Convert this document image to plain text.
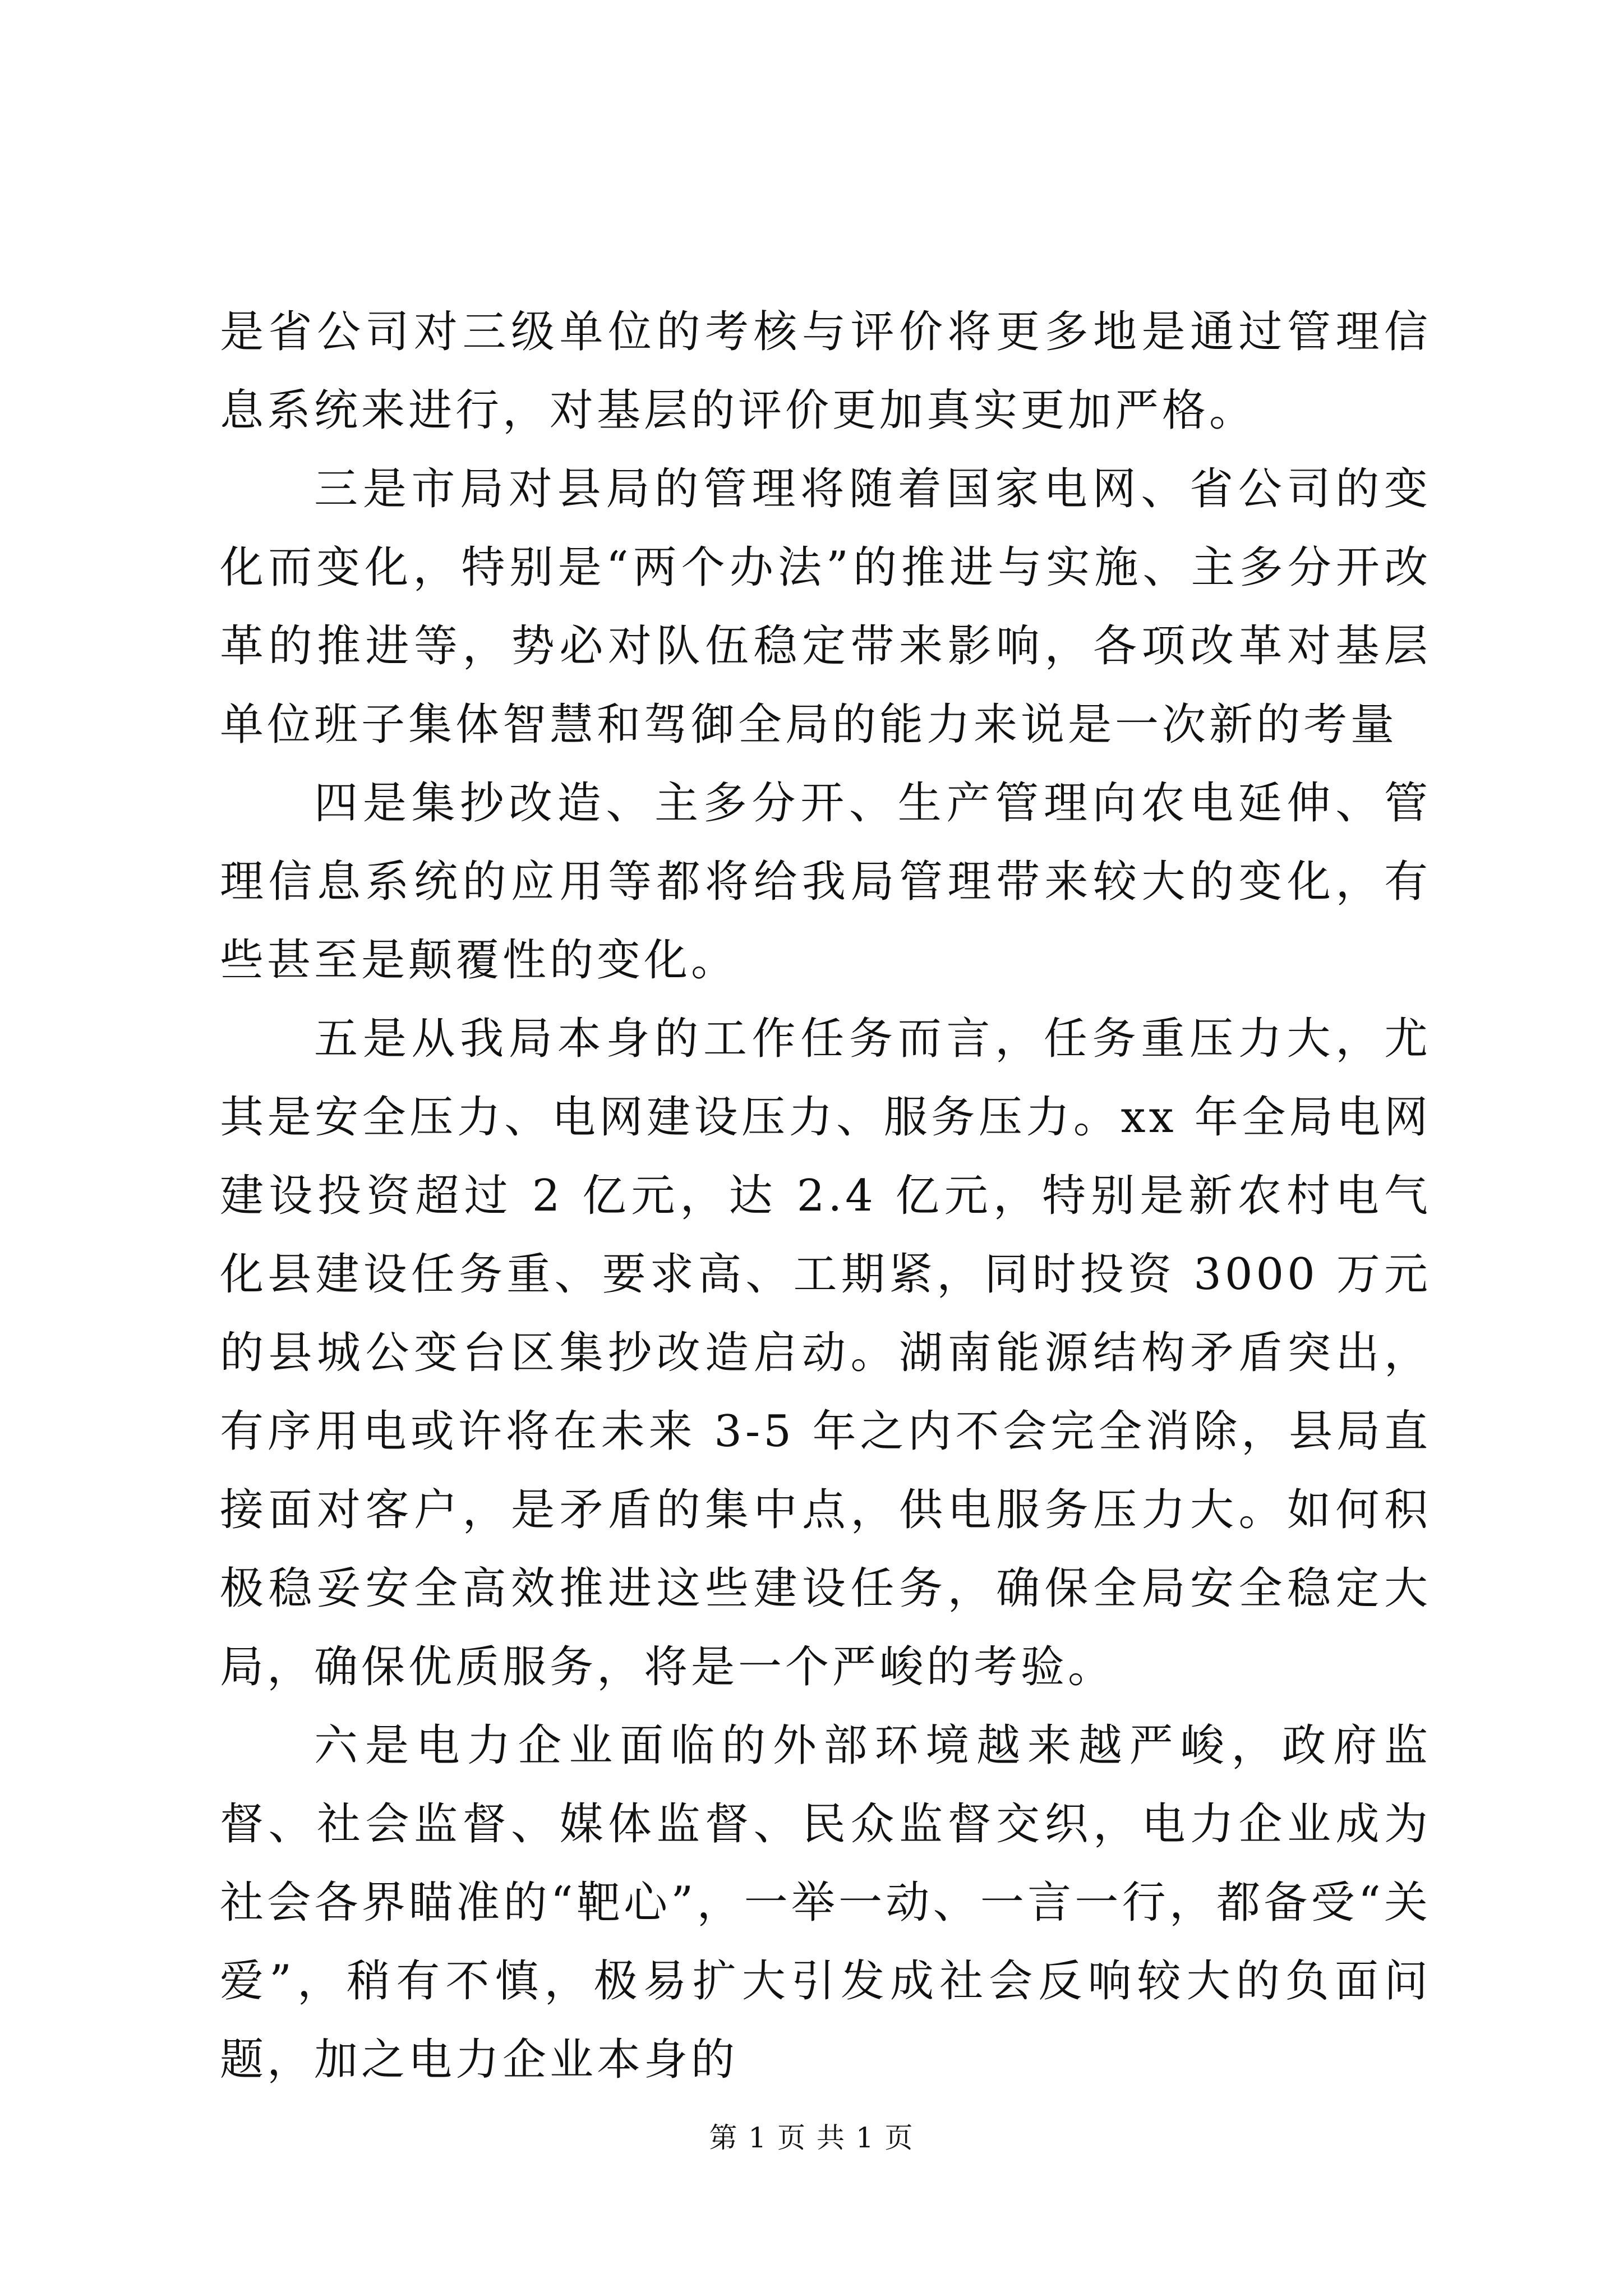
是省公司对三级单位的考核与评价将更多地是通过管理信息系统来进行，对基层的评价更加真实更加严格。

三是市局对县局的管理将随着国家电网、省公司的变化而变化，特别是“两个办法”的推进与实施、主多分开改革的推进等，势必对队伍稳定带来影响，各项改革对基层单位班子集体智慧和驾御全局的能力来说是一次新的考量

四是集抄改造、主多分开、生产管理向农电延伸、管理信息系统的应用等都将给我局管理带来较大的变化，有些甚至是颠覆性的变化。

五是从我局本身的工作任务而言，任务重压力大，尤其是安全压力、电网建设压力、服务压力。xx 年全局电网建设投资超过 2 亿元，达 2.4 亿元，特别是新农村电气化县建设任务重、要求高、工期紧，同时投资 3000 万元的县城公变台区集抄改造启动。湖南能源结构矛盾突出，有序用电或许将在未来 3-5 年之内不会完全消除，县局直接面对客户，是矛盾的集中点，供电服务压力大。如何积极稳妥安全高效推进这些建设任务，确保全局安全稳定大局，确保优质服务，将是一个严峻的考验。

六是电力企业面临的外部环境越来越严峻，政府监督、社会监督、媒体监督、民众监督交织，电力企业成为社会各界瞄准的“靶心”，一举一动、一言一行，都备受“关爱”，稍有不慎，极易扩大引发成社会反响较大的负面问题，加之电力企业本身的

第 1 页 共 1 页
